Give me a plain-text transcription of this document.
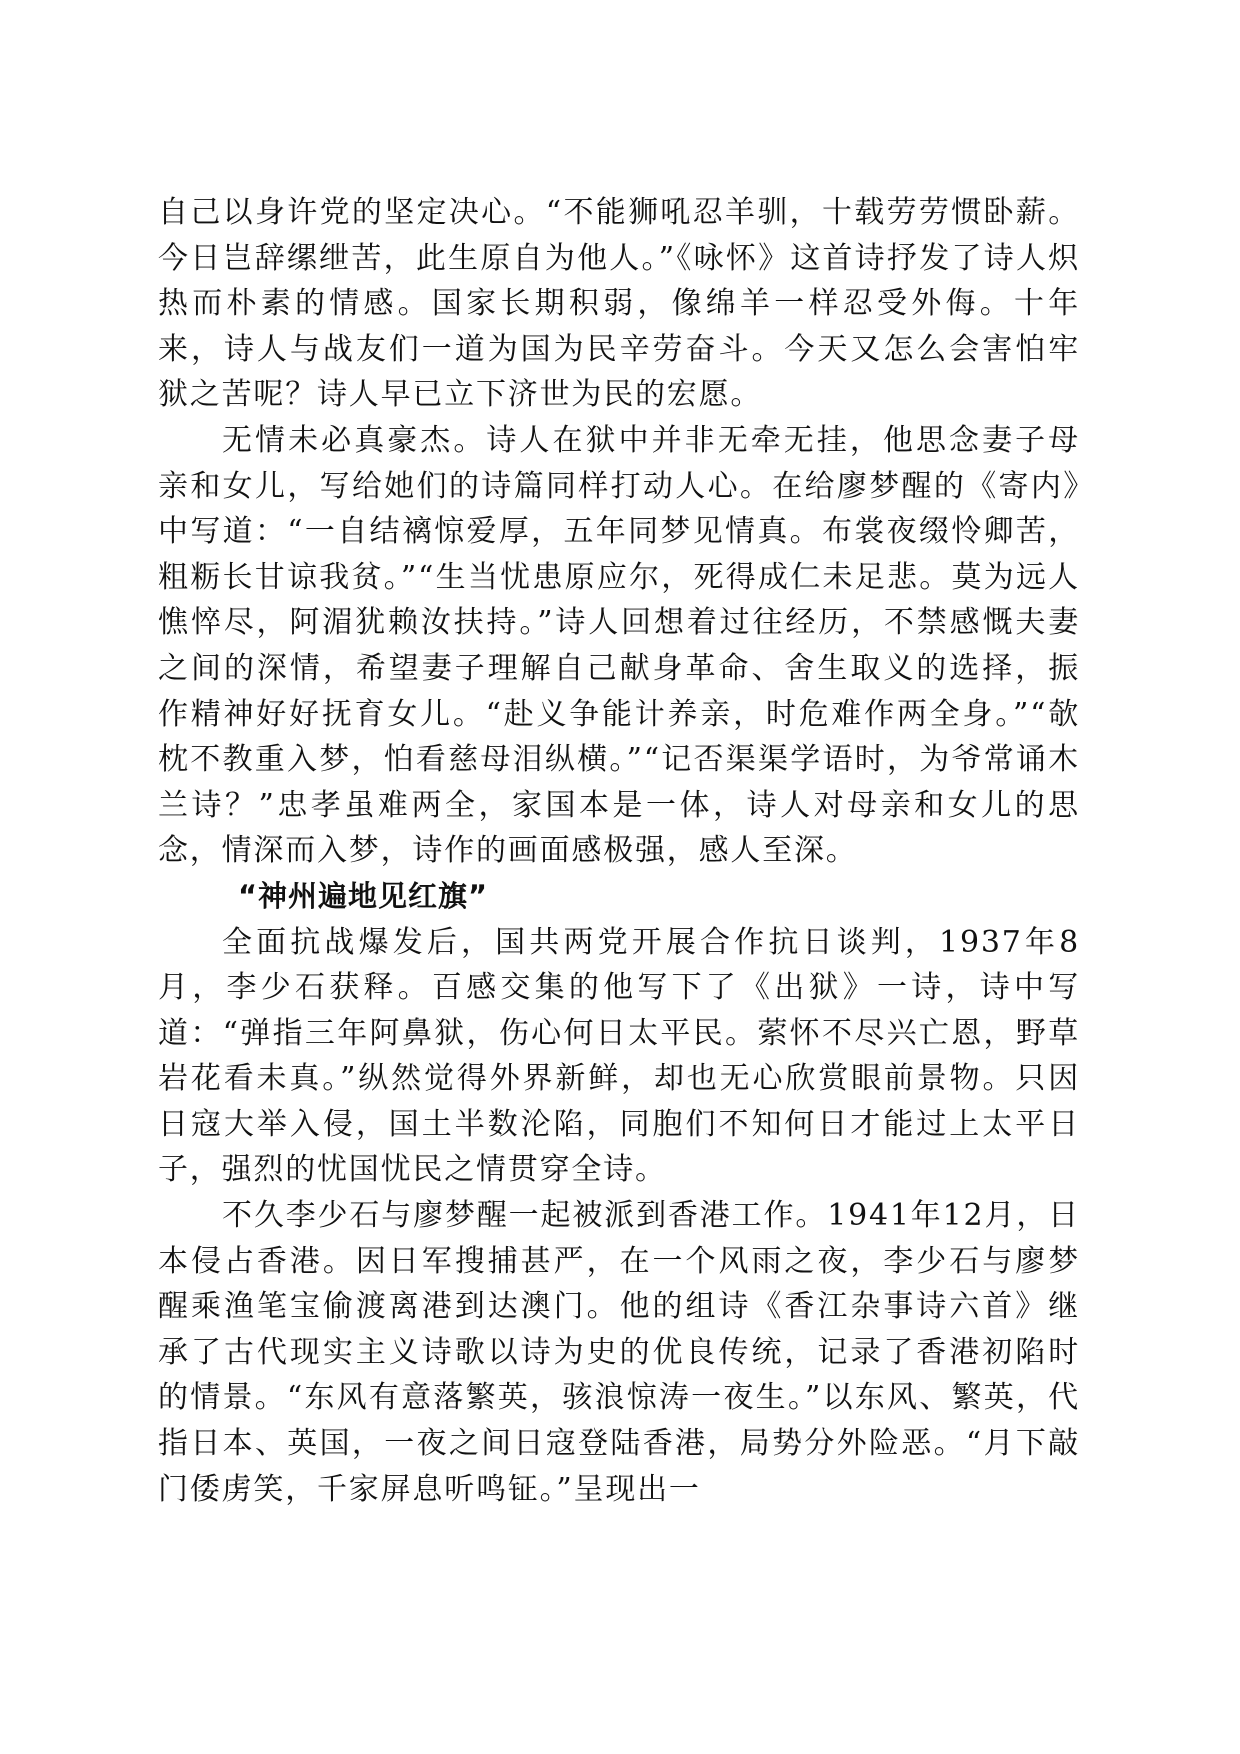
自己以身许党的坚定决心。“不能狮吼忍羊驯，十载劳劳惯卧薪。今日岂辞缧绁苦，此生原自为他人。”《咏怀》这首诗抒发了诗人炽热而朴素的情感。国家长期积弱，像绵羊一样忍受外侮。十年来，诗人与战友们一道为国为民辛劳奋斗。今天又怎么会害怕牢狱之苦呢？诗人早已立下济世为民的宏愿。

无情未必真豪杰。诗人在狱中并非无牵无挂，他思念妻子母亲和女儿，写给她们的诗篇同样打动人心。在给廖梦醒的《寄内》中写道：“一自结褵惊爱厚，五年同梦见情真。布裳夜缀怜卿苦，粗粝长甘谅我贫。”“生当忧患原应尔，死得成仁未足悲。莫为远人憔悴尽，阿湄犹赖汝扶持。”诗人回想着过往经历，不禁感慨夫妻之间的深情，希望妻子理解自己献身革命、舍生取义的选择，振作精神好好抚育女儿。“赴义争能计养亲，时危难作两全身。”“欹枕不教重入梦，怕看慈母泪纵横。”“记否渠渠学语时，为爷常诵木兰诗？”忠孝虽难两全，家国本是一体，诗人对母亲和女儿的思念，情深而入梦，诗作的画面感极强，感人至深。

“神州遍地见红旗”

全面抗战爆发后，国共两党开展合作抗日谈判，1937年8月，李少石获释。百感交集的他写下了《出狱》一诗，诗中写道：“弹指三年阿鼻狱，伤心何日太平民。萦怀不尽兴亡恩，野草岩花看未真。”纵然觉得外界新鲜，却也无心欣赏眼前景物。只因日寇大举入侵，国土半数沦陷，同胞们不知何日才能过上太平日子，强烈的忧国忧民之情贯穿全诗。

不久李少石与廖梦醒一起被派到香港工作。1941年12月，日本侵占香港。因日军搜捕甚严，在一个风雨之夜，李少石与廖梦醒乘渔笔宝偷渡离港到达澳门。他的组诗《香江杂事诗六首》继承了古代现实主义诗歌以诗为史的优良传统，记录了香港初陷时的情景。“东风有意落繁英，骇浪惊涛一夜生。”以东风、繁英，代指日本、英国，一夜之间日寇登陆香港，局势分外险恶。“月下敲门倭虏笑，千家屏息听鸣钲。”呈现出一
